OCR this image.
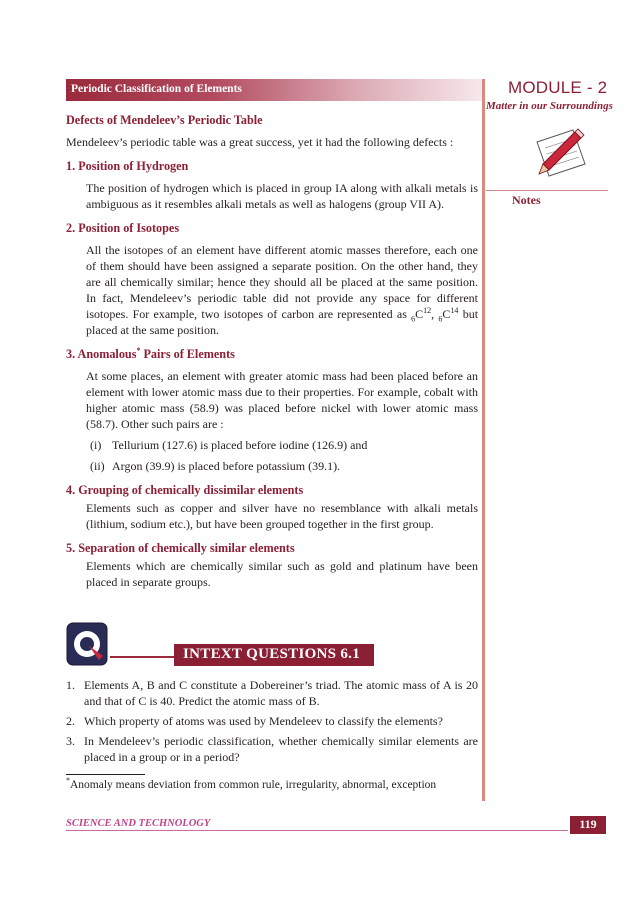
Periodic Classification of Elements	MODULE - 2
Matter in our Surroundings
Notes
Defects of Mendeleev’s Periodic Table
Mendeleev’s periodic table was a great success, yet it had the following defects :
1. Position of Hydrogen
The position of hydrogen which is placed in group IA along with alkali metals is ambiguous as it resembles alkali metals as well as halogens (group VII A).
2. Position of Isotopes
All the isotopes of an element have different atomic masses therefore, each one of them should have been assigned a separate position. On the other hand, they are all chemically similar; hence they should all be placed at the same position. In fact, Mendeleev’s periodic table did not provide any space for different isotopes. For example, two isotopes of carbon are represented as $_6C^{12}$, $_6C^{14}$ but placed at the same position.
3. Anomalous* Pairs of Elements
At some places, an element with greater atomic mass had been placed before an element with lower atomic mass due to their properties. For example, cobalt with higher atomic mass (58.9) was placed before nickel with lower atomic mass (58.7). Other such pairs are :
(i) Tellurium (127.6) is placed before iodine (126.9) and
(ii) Argon (39.9) is placed before potassium (39.1).
4. Grouping of chemically dissimilar elements
Elements such as copper and silver have no resemblance with alkali metals (lithium, sodium etc.), but have been grouped together in the first group.
5. Separation of chemically similar elements
Elements which are chemically similar such as gold and platinum have been placed in separate groups.
INTEXT QUESTIONS 6.1
1. Elements A, B and C constitute a Dobereiner’s triad. The atomic mass of A is 20 and that of C is 40. Predict the atomic mass of B.
2. Which property of atoms was used by Mendeleev to classify the elements?
3. In Mendeleev’s periodic classification, whether chemically similar elements are placed in a group or in a period?
*Anomaly means deviation from common rule, irregularity, abnormal, exception
SCIENCE AND TECHNOLOGY	119
